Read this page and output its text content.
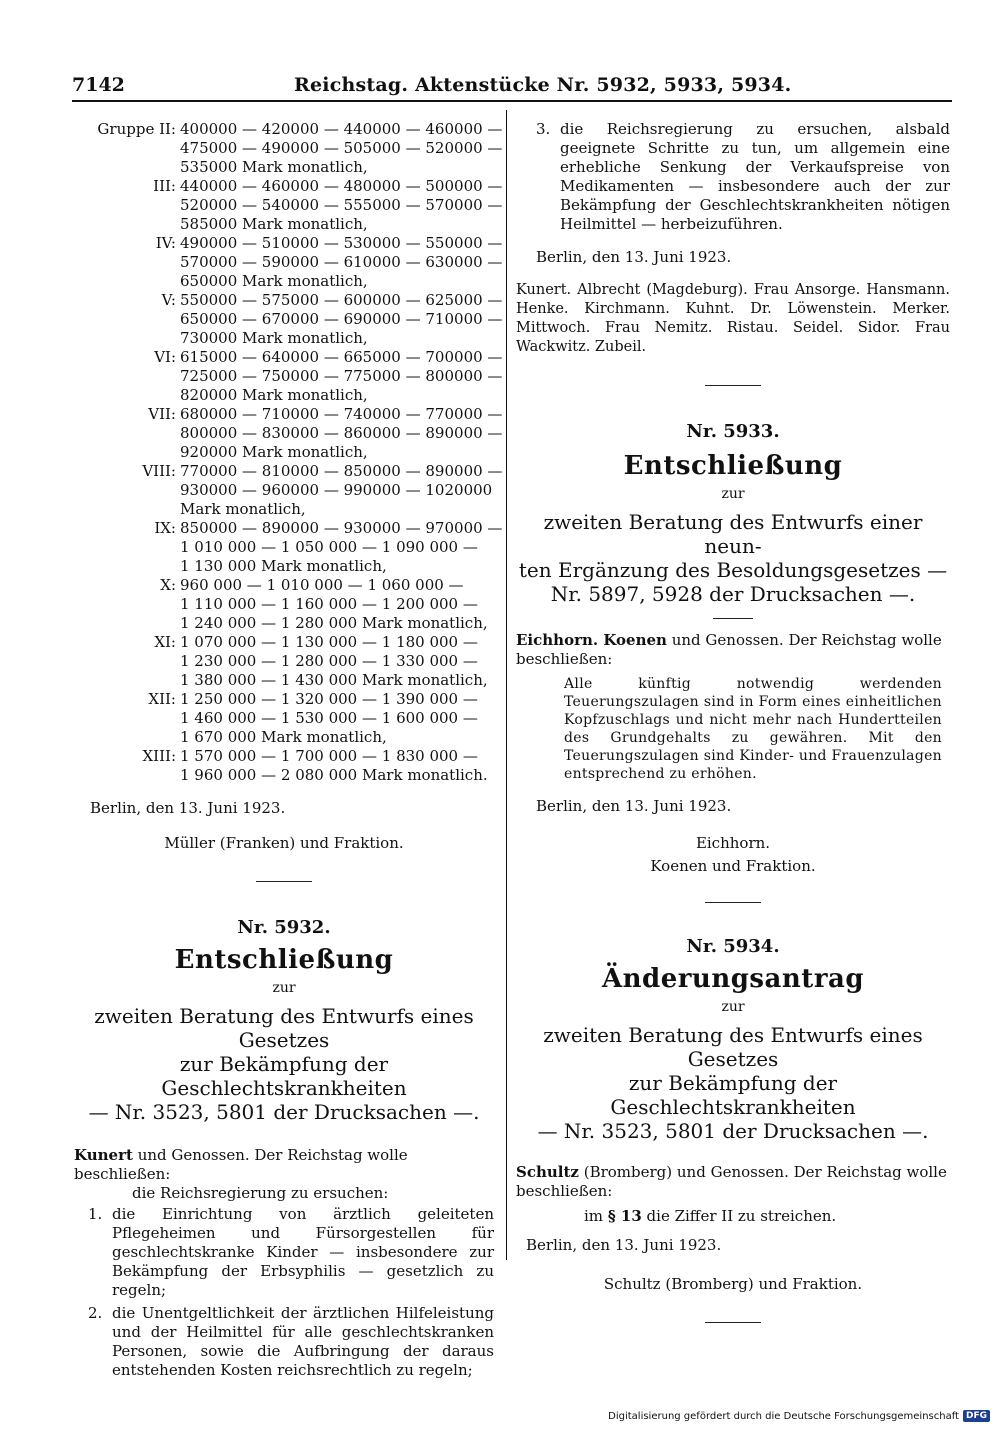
7142	Reichstag. Aktenstücke Nr. 5932, 5933, 5934.
Gruppe II: 400000 — 420000 — 440000 — 460000 —
475000 — 490000 — 505000 — 520000 —
535000 Mark monatlich,
III: 440000 — 460000 — 480000 — 500000 —
520000 — 540000 — 555000 — 570000 —
585000 Mark monatlich,
IV: 490000 — 510000 — 530000 — 550000 —
570000 — 590000 — 610000 — 630000 —
650000 Mark monatlich,
V: 550000 — 575000 — 600000 — 625000 —
650000 — 670000 — 690000 — 710000 —
730000 Mark monatlich,
VI: 615000 — 640000 — 665000 — 700000 —
725000 — 750000 — 775000 — 800000 —
820000 Mark monatlich,
VII: 680000 — 710000 — 740000 — 770000 —
800000 — 830000 — 860000 — 890000 —
920000 Mark monatlich,
VIII: 770000 — 810000 — 850000 — 890000 —
930000 — 960000 — 990000 — 1020000
Mark monatlich,
IX: 850000 — 890000 — 930000 — 970000 —
1 010 000 — 1 050 000 — 1 090 000 —
1 130 000 Mark monatlich,
X: 960 000 — 1 010 000 — 1 060 000 —
1 110 000 — 1 160 000 — 1 200 000 —
1 240 000 — 1 280 000 Mark monatlich,
XI: 1 070 000 — 1 130 000 — 1 180 000 —
1 230 000 — 1 280 000 — 1 330 000 —
1 380 000 — 1 430 000 Mark monatlich,
XII: 1 250 000 — 1 320 000 — 1 390 000 —
1 460 000 — 1 530 000 — 1 600 000 —
1 670 000 Mark monatlich,
XIII: 1 570 000 — 1 700 000 — 1 830 000 —
1 960 000 — 2 080 000 Mark monatlich.
Berlin, den 13. Juni 1923.
Müller (Franken) und Fraktion.
Nr. 5932.
Entschließung
zur
zweiten Beratung des Entwurfs eines Gesetzes
zur Bekämpfung der Geschlechtskrankheiten
— Nr. 3523, 5801 der Drucksachen —.
Kunert und Genossen. Der Reichstag wolle beschließen:
die Reichsregierung zu ersuchen:
1. die Einrichtung von ärztlich geleiteten Pflegeheimen und Fürsorgestellen für geschlechtskranke Kinder — insbesondere zur Bekämpfung der Erbsyphilis — gesetzlich zu regeln;
2. die Unentgeltlichkeit der ärztlichen Hilfeleistung und der Heilmittel für alle geschlechtskranken Personen, sowie die Aufbringung der daraus entstehenden Kosten reichsrechtlich zu regeln;
3. die Reichsregierung zu ersuchen, alsbald geeignete Schritte zu tun, um allgemein eine erhebliche Senkung der Verkaufspreise von Medikamenten — insbesondere auch der zur Bekämpfung der Geschlechtskrankheiten nötigen Heilmittel — herbeizuführen.
Berlin, den 13. Juni 1923.
Kunert. Albrecht (Magdeburg). Frau Ansorge. Hansmann. Henke. Kirchmann. Kuhnt. Dr. Löwenstein. Merker. Mittwoch. Frau Nemitz. Ristau. Seidel. Sidor. Frau Wackwitz. Zubeil.
Nr. 5933.
Entschließung
zur
zweiten Beratung des Entwurfs einer neun-
ten Ergänzung des Besoldungsgesetzes —
Nr. 5897, 5928 der Drucksachen —.
Eichhorn. Koenen und Genossen. Der Reichstag wolle beschließen:
Alle künftig notwendig werdenden Teuerungszulagen sind in Form eines einheitlichen Kopfzuschlags und nicht mehr nach Hundertteilen des Grundgehalts zu gewähren. Mit den Teuerungszulagen sind Kinder- und Frauenzulagen entsprechend zu erhöhen.
Berlin, den 13. Juni 1923.
Eichhorn.
Koenen und Fraktion.
Nr. 5934.
Änderungsantrag
zur
zweiten Beratung des Entwurfs eines Gesetzes
zur Bekämpfung der Geschlechtskrankheiten
— Nr. 3523, 5801 der Drucksachen —.
Schultz (Bromberg) und Genossen. Der Reichstag wolle beschließen:
im § 13 die Ziffer II zu streichen.
Berlin, den 13. Juni 1923.
Schultz (Bromberg) und Fraktion.
Digitalisierung gefördert durch die Deutsche Forschungsgemeinschaft DFG
